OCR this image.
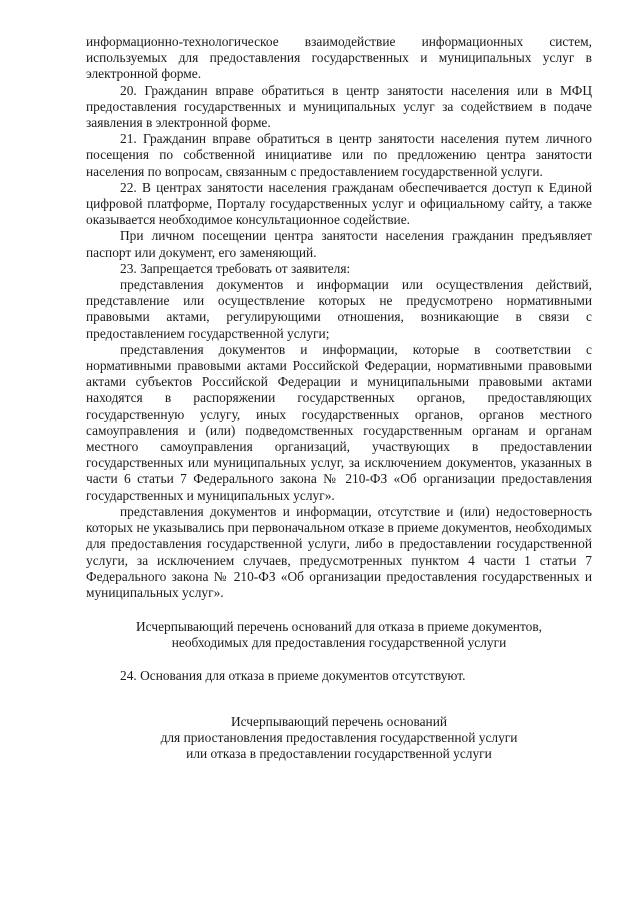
информационно-технологическое взаимодействие информационных систем, используемых для предоставления государственных и муниципальных услуг в электронной форме.

20. Гражданин вправе обратиться в центр занятости населения или в МФЦ предоставления государственных и муниципальных услуг за содействием в подаче заявления в электронной форме.

21. Гражданин вправе обратиться в центр занятости населения путем личного посещения по собственной инициативе или по предложению центра занятости населения по вопросам, связанным с предоставлением государственной услуги.

22. В центрах занятости населения гражданам обеспечивается доступ к Единой цифровой платформе, Порталу государственных услуг и официальному сайту, а также оказывается необходимое консультационное содействие.

При личном посещении центра занятости населения гражданин предъявляет паспорт или документ, его заменяющий.

23. Запрещается требовать от заявителя:

представления документов и информации или осуществления действий, представление или осуществление которых не предусмотрено нормативными правовыми актами, регулирующими отношения, возникающие в связи с предоставлением государственной услуги;

представления документов и информации, которые в соответствии с нормативными правовыми актами Российской Федерации, нормативными правовыми актами субъектов Российской Федерации и муниципальными правовыми актами находятся в распоряжении государственных органов, предоставляющих государственную услугу, иных государственных органов, органов местного самоуправления и (или) подведомственных государственным органам и органам местного самоуправления организаций, участвующих в предоставлении государственных или муниципальных услуг, за исключением документов, указанных в части 6 статьи 7 Федерального закона № 210-ФЗ «Об организации предоставления государственных и муниципальных услуг».

представления документов и информации, отсутствие и (или) недостоверность которых не указывались при первоначальном отказе в приеме документов, необходимых для предоставления государственной услуги, либо в предоставлении государственной услуги, за исключением случаев, предусмотренных пунктом 4 части 1 статьи 7 Федерального закона № 210-ФЗ «Об организации предоставления государственных и муниципальных услуг».

Исчерпывающий перечень оснований для отказа в приеме документов,
необходимых для предоставления государственной услуги

24. Основания для отказа в приеме документов отсутствуют.

Исчерпывающий перечень оснований
для приостановления предоставления государственной услуги
или отказа в предоставлении государственной услуги
